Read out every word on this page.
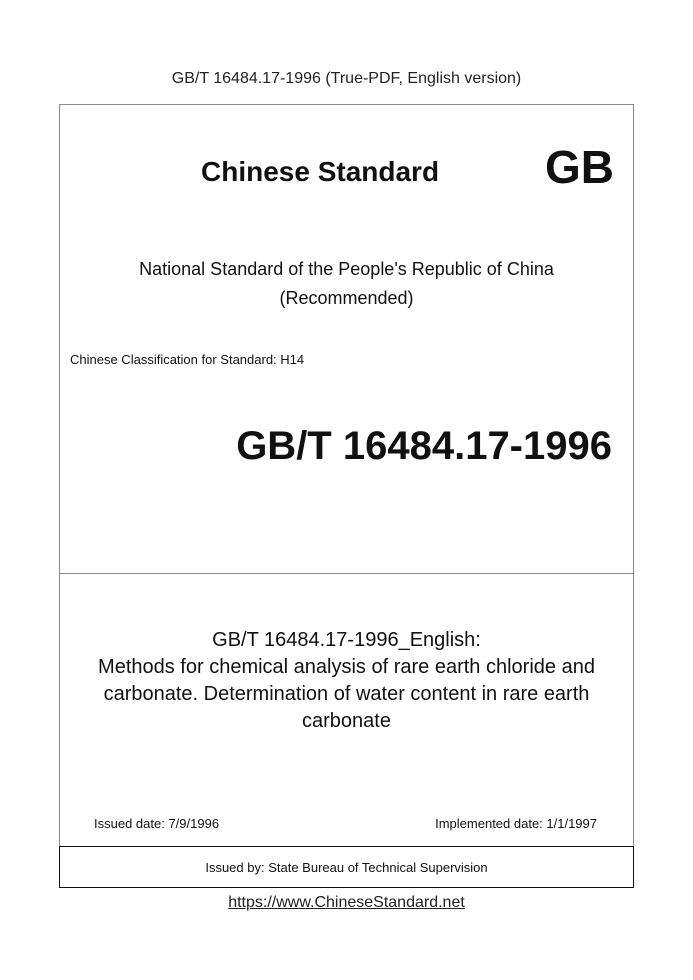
GB/T 16484.17-1996 (True-PDF, English version)
Chinese Standard GB
National Standard of the People's Republic of China
(Recommended)
Chinese Classification for Standard: H14
GB/T 16484.17-1996
GB/T 16484.17-1996_English:
Methods for chemical analysis of rare earth chloride and
carbonate. Determination of water content in rare earth
carbonate
Issued date: 7/9/1996	Implemented date: 1/1/1997
Issued by: State Bureau of Technical Supervision
https://www.ChineseStandard.net
